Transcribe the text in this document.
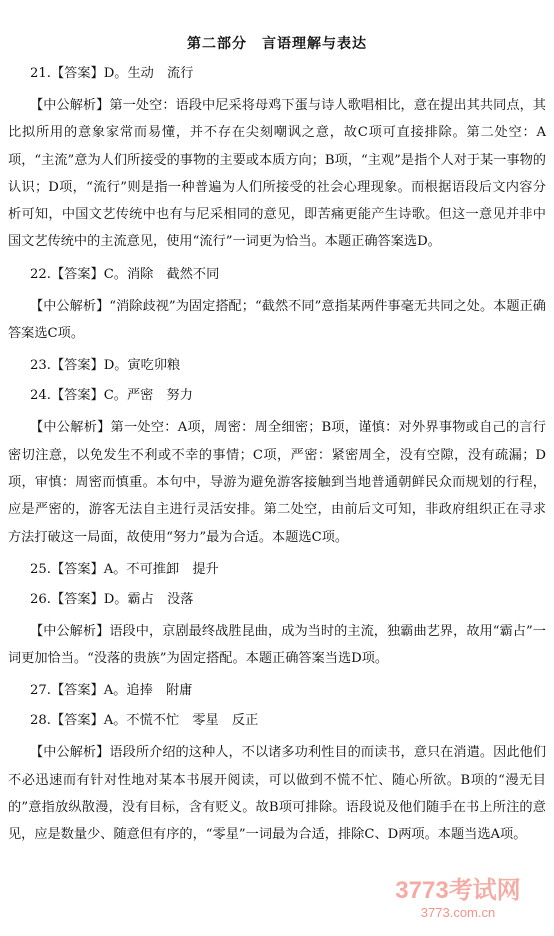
第二部分　言语理解与表达
21.【答案】D。生动　流行
【中公解析】第一处空：语段中尼采将母鸡下蛋与诗人歌唱相比，意在提出其共同点，其比拟所用的意象家常而易懂，并不存在尖刻嘲讽之意，故C项可直接排除。第二处空：A项，“主流”意为人们所接受的事物的主要或本质方向；B项，“主观”是指个人对于某一事物的认识；D项，“流行”则是指一种普遍为人们所接受的社会心理现象。而根据语段后文内容分析可知，中国文艺传统中也有与尼采相同的意见，即苦痛更能产生诗歌。但这一意见并非中国文艺传统中的主流意见，使用“流行”一词更为恰当。本题正确答案选D。
22.【答案】C。消除　截然不同
【中公解析】“消除歧视”为固定搭配；“截然不同”意指某两件事毫无共同之处。本题正确答案选C项。
23.【答案】D。寅吃卯粮
24.【答案】C。严密　努力
【中公解析】第一处空：A项，周密：周全细密；B项，谨慎：对外界事物或自己的言行密切注意，以免发生不利或不幸的事情；C项，严密：紧密周全，没有空隙，没有疏漏；D项，审慎：周密而慎重。本句中，导游为避免游客接触到当地普通朝鲜民众而规划的行程，应是严密的，游客无法自主进行灵活安排。第二处空，由前后文可知，非政府组织正在寻求方法打破这一局面，故使用“努力”最为合适。本题选C项。
25.【答案】A。不可推卸　提升
26.【答案】D。霸占　没落
【中公解析】语段中，京剧最终战胜昆曲，成为当时的主流，独霸曲艺界，故用“霸占”一词更加恰当。“没落的贵族”为固定搭配。本题正确答案当选D项。
27.【答案】A。追捧　附庸
28.【答案】A。不慌不忙　零星　反正
【中公解析】语段所介绍的这种人，不以诸多功利性目的而读书，意只在消遣。因此他们不必迅速而有针对性地对某本书展开阅读，可以做到不慌不忙、随心所欲。B项的“漫无目的”意指放纵散漫，没有目标，含有贬义。故B项可排除。语段说及他们随手在书上所注的意见，应是数量少、随意但有序的，“零星”一词最为合适，排除C、D两项。本题当选A项。
3773考试网
3773.com.cn
